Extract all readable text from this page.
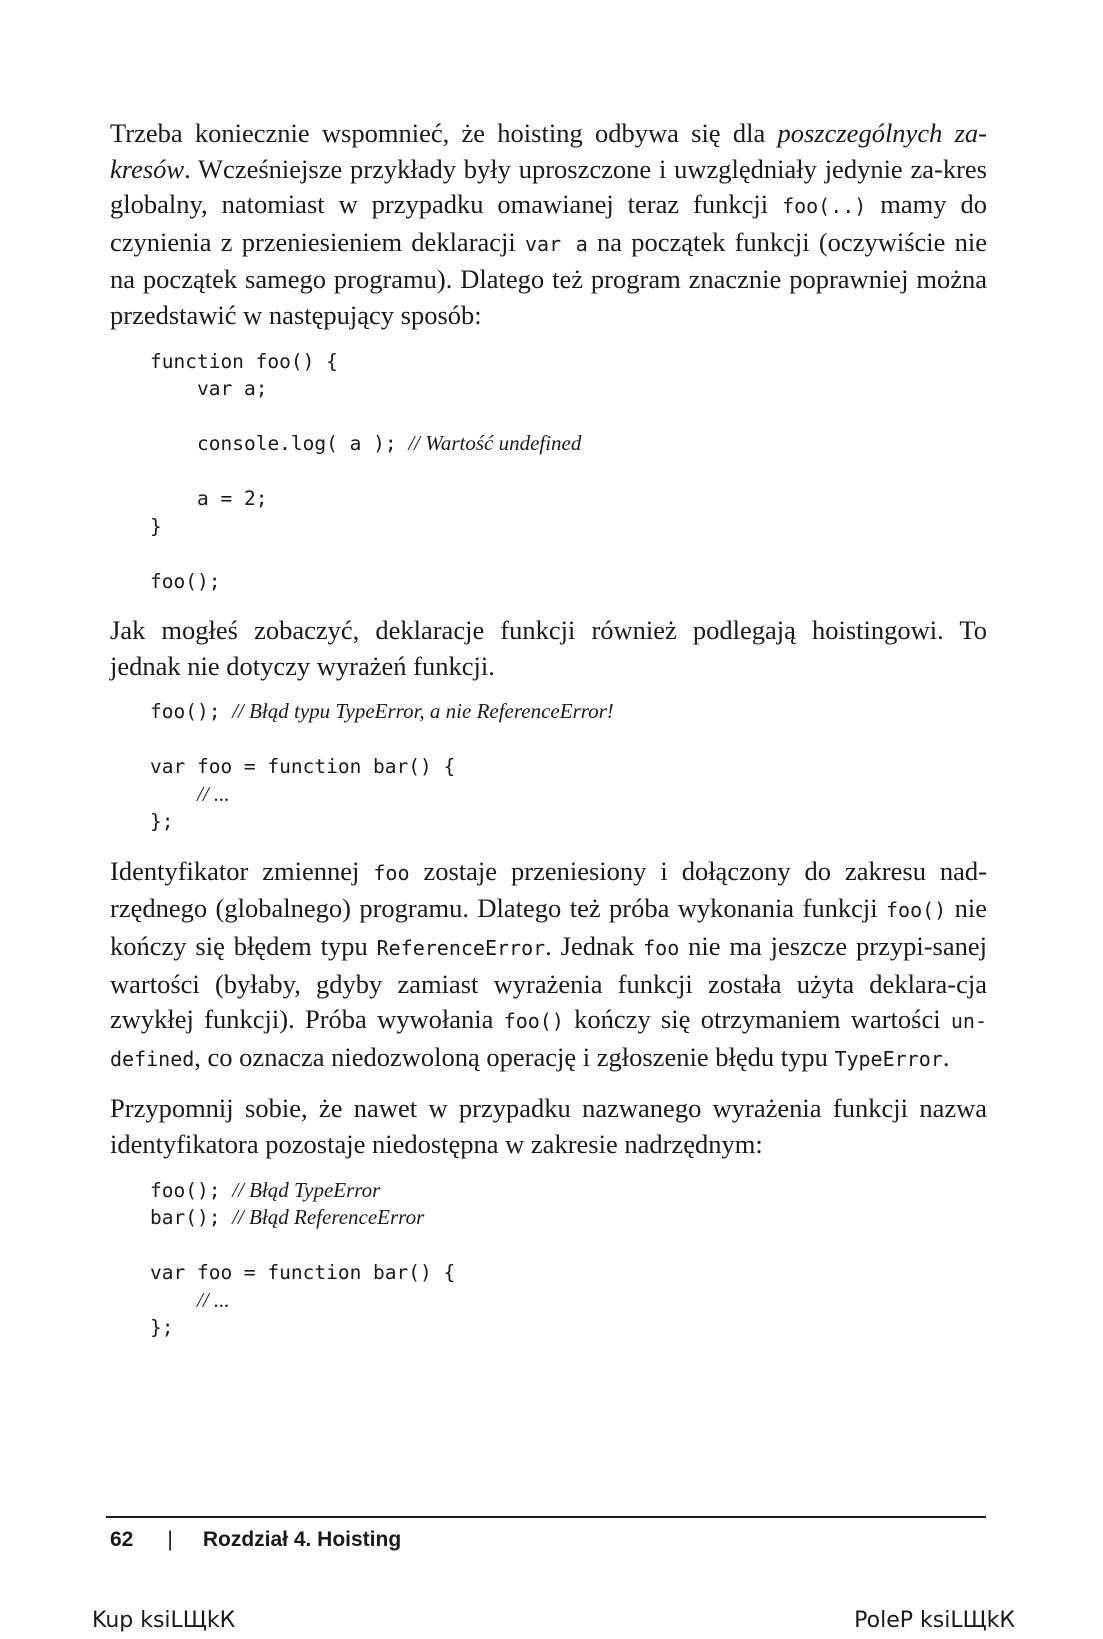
Trzeba koniecznie wspomnieć, że hoisting odbywa się dla poszczególnych za-kresów. Wcześniejsze przykłady były uproszczone i uwzględniały jedynie za-kres globalny, natomiast w przypadku omawianej teraz funkcji foo(..) mamy do czynienia z przeniesieniem deklaracji var a na początek funkcji (oczywiście nie na początek samego programu). Dlatego też program znacznie poprawniej można przedstawić w następujący sposób:

function foo() {
var a;
console.log( a ); // Wartość undefined
a = 2;
}
foo();

Jak mogłeś zobaczyć, deklaracje funkcji również podlegają hoistingowi. To jednak nie dotyczy wyrażeń funkcji.

foo(); // Błąd typu TypeError, a nie ReferenceError!
var foo = function bar() {
// ...
};

Identyfikator zmiennej foo zostaje przeniesiony i dołączony do zakresu nad-rzędnego (globalnego) programu. Dlatego też próba wykonania funkcji foo() nie kończy się błędem typu ReferenceError. Jednak foo nie ma jeszcze przypi-sanej wartości (byłaby, gdyby zamiast wyrażenia funkcji została użyta deklara-cja zwykłej funkcji). Próba wywołania foo() kończy się otrzymaniem wartości un-defined, co oznacza niedozwoloną operację i zgłoszenie błędu typu TypeError.

Przypomnij sobie, że nawet w przypadku nazwanego wyrażenia funkcji nazwa identyfikatora pozostaje niedostępna w zakresie nadrzędnym:

foo(); // Błąd TypeError
bar(); // Błąd ReferenceError
var foo = function bar() {
// ...
};
62 | Rozdział 4. Hoisting
Kup ksiLЩkК	PoleР ksiLЩkК
